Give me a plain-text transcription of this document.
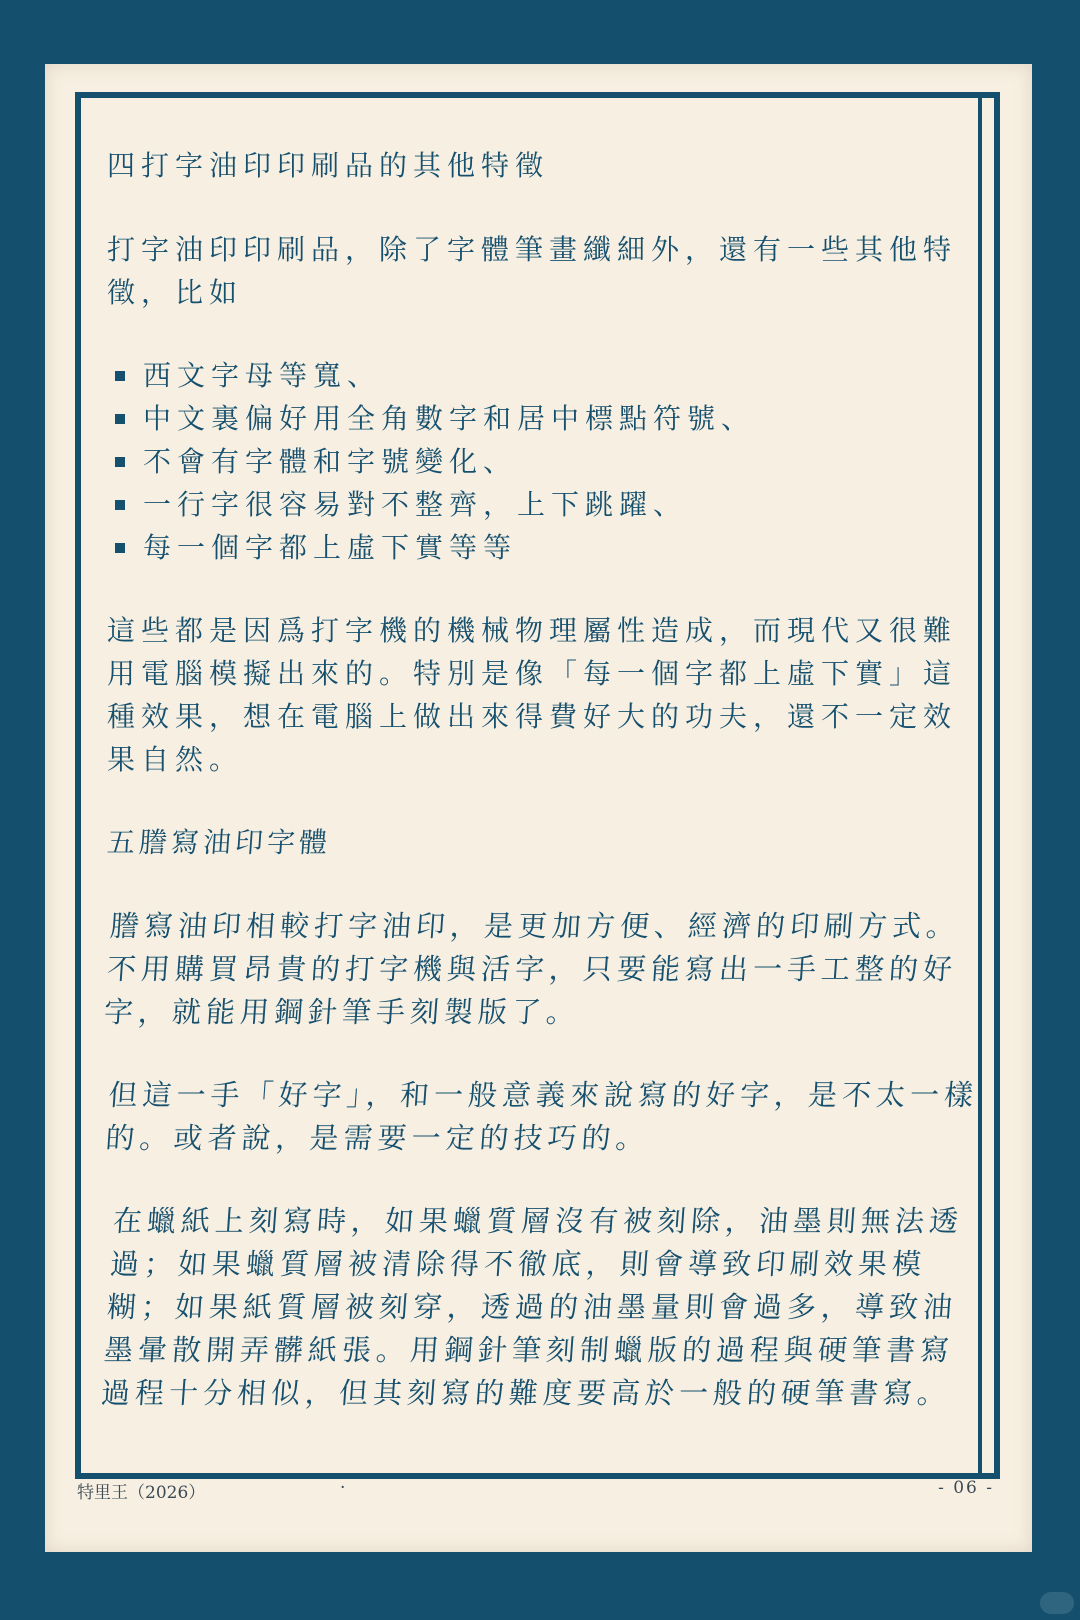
四打字油印印刷品的其他特徵
打字油印印刷品，除了字體筆畫纖細外，還有一些其他特徵，比如
西文字母等寬、
中文裏偏好用全角數字和居中標點符號、
不會有字體和字號變化、
一行字很容易對不整齊，上下跳躍、
每一個字都上虛下實等等
這些都是因爲打字機的機械物理屬性造成，而現代又很難用電腦模擬出來的。特別是像「每一個字都上虛下實」這種效果，想在電腦上做出來得費好大的功夫，還不一定效果自然。
五謄寫油印字體
謄寫油印相較打字油印，是更加方便、經濟的印刷方式。不用購買昂貴的打字機與活字，只要能寫出一手工整的好字，就能用鋼針筆手刻製版了。
但這一手「好字」，和一般意義來說寫的好字，是不太一樣的。或者說，是需要一定的技巧的。
在蠟紙上刻寫時，如果蠟質層沒有被刻除，油墨則無法透過；如果蠟質層被清除得不徹底，則會導致印刷效果模糊；如果紙質層被刻穿，透過的油墨量則會過多，導致油墨暈散開弄髒紙張。用鋼針筆刻制蠟版的過程與硬筆書寫過程十分相似，但其刻寫的難度要高於一般的硬筆書寫。
特里王（2026）	·	- 06 -
